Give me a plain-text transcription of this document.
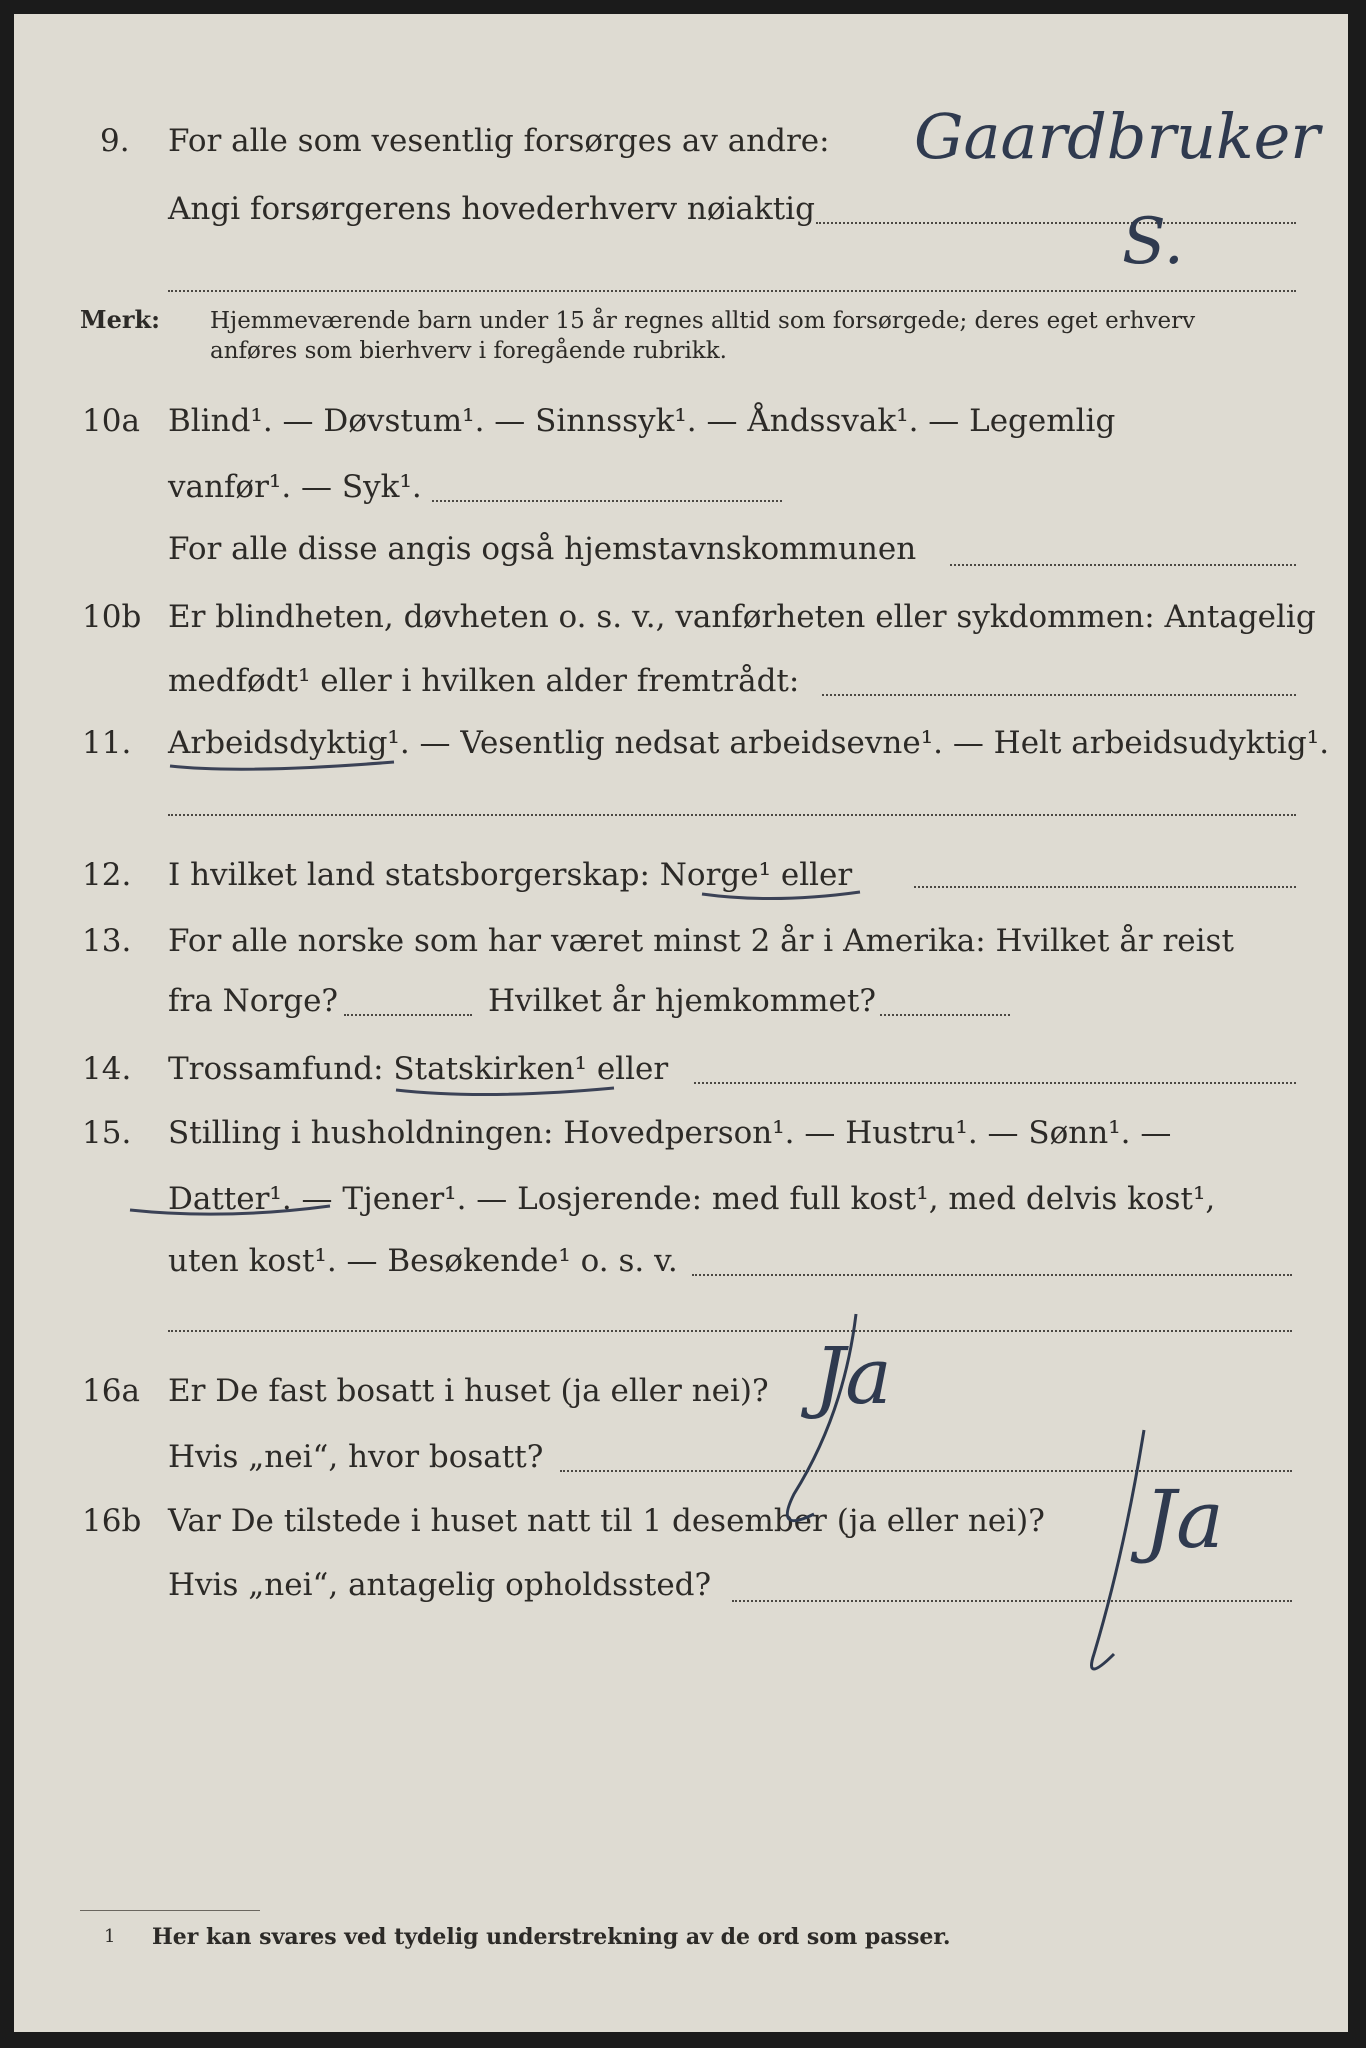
9. For alle som vesentlig forsørges av andre:
Angi forsørgerens hovederhverv nøiaktig
Gaardbruker
S.
Merk: Hjemmeværende barn under 15 år regnes alltid som forsørgede; deres eget erhverv
anføres som bierhverv i foregående rubrikk.
10a Blind¹. — Døvstum¹. — Sinnssyk¹. — Åndssvak¹. — Legemlig
vanfør¹. — Syk¹.
For alle disse angis også hjemstavnskommunen
10b Er blindheten, døvheten o. s. v., vanførheten eller sykdommen: Antagelig
medfødt¹ eller i hvilken alder fremtrådt:
11. Arbeidsdyktig¹. — Vesentlig nedsat arbeidsevne¹. — Helt arbeidsudyktig¹.
12. I hvilket land statsborgerskap: Norge¹ eller
13. For alle norske som har været minst 2 år i Amerika: Hvilket år reist
fra Norge?	Hvilket år hjemkommet?
14. Trossamfund: Statskirken¹ eller
15. Stilling i husholdningen: Hovedperson¹. — Hustru¹. — Sønn¹. —
Datter¹. — Tjener¹. — Losjerende: med full kost¹, med delvis kost¹,
uten kost¹. — Besøkende¹ o. s. v.
16a Er De fast bosatt i huset (ja eller nei)?
Hvis „nei“, hvor bosatt?
Ja
16b Var De tilstede i huset natt til 1 desember (ja eller nei)?
Hvis „nei“, antagelig opholdssted?
Ja
1 Her kan svares ved tydelig understrekning av de ord som passer.
